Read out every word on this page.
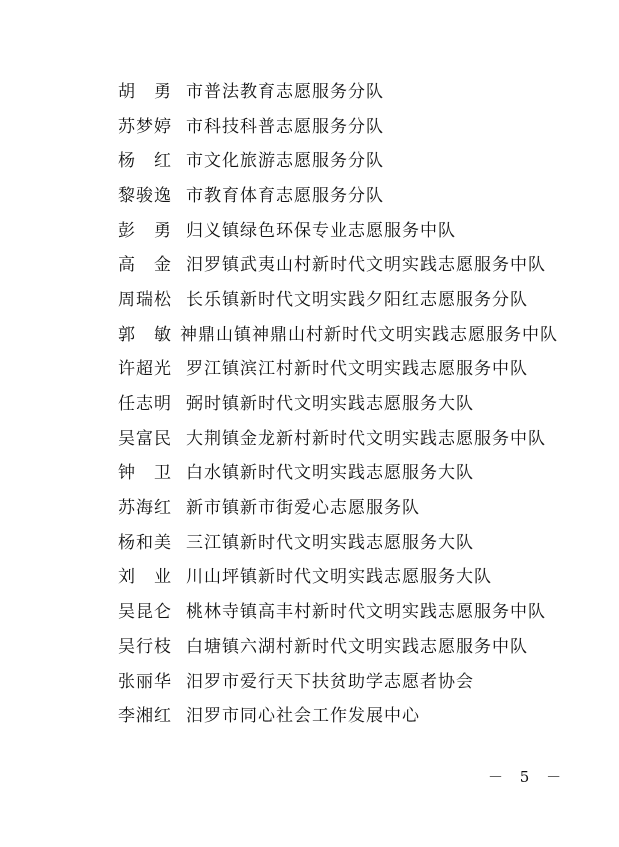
胡　勇 市普法教育志愿服务分队
苏梦婷 市科技科普志愿服务分队
杨　红 市文化旅游志愿服务分队
黎骏逸 市教育体育志愿服务分队
彭　勇 归义镇绿色环保专业志愿服务中队
高　金 汨罗镇武夷山村新时代文明实践志愿服务中队
周瑞松 长乐镇新时代文明实践夕阳红志愿服务分队
郭　敏 神鼎山镇神鼎山村新时代文明实践志愿服务中队
许超光 罗江镇滨江村新时代文明实践志愿服务中队
任志明 弼时镇新时代文明实践志愿服务大队
吴富民 大荆镇金龙新村新时代文明实践志愿服务中队
钟　卫 白水镇新时代文明实践志愿服务大队
苏海红 新市镇新市街爱心志愿服务队
杨和美 三江镇新时代文明实践志愿服务大队
刘　业 川山坪镇新时代文明实践志愿服务大队
吴昆仑 桃林寺镇高丰村新时代文明实践志愿服务中队
吴行枝 白塘镇六湖村新时代文明实践志愿服务中队
张丽华 汨罗市爱行天下扶贫助学志愿者协会
李湘红 汨罗市同心社会工作发展中心
－ 5 －
